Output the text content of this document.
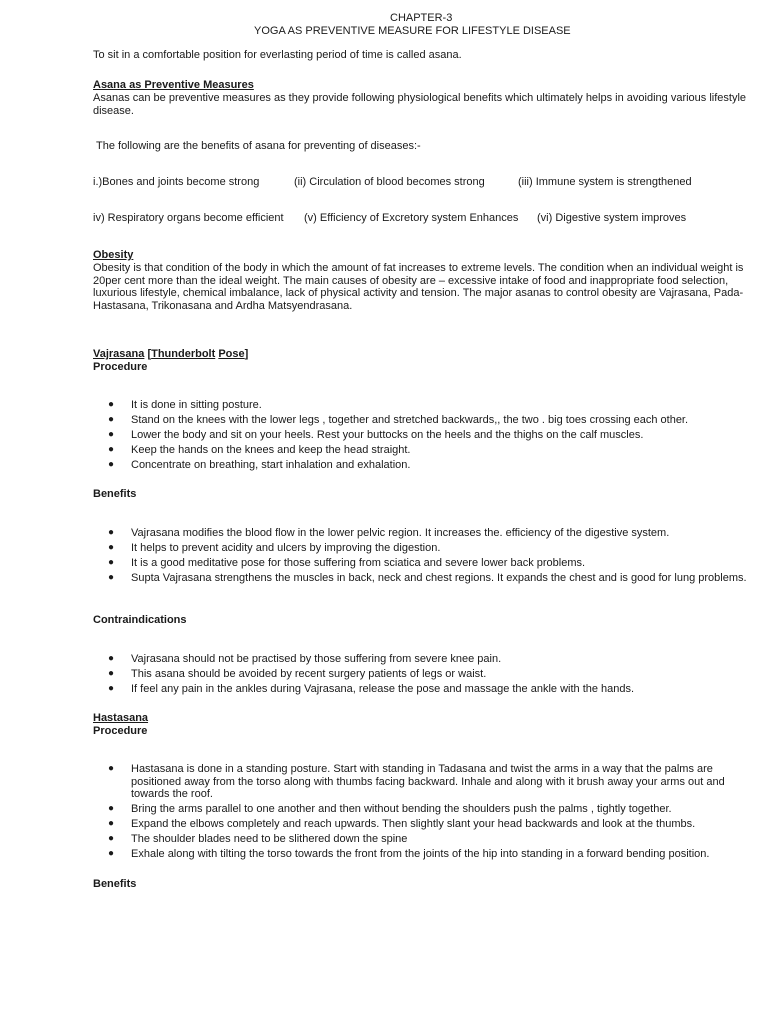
CHAPTER-3
YOGA AS PREVENTIVE MEASURE FOR LIFESTYLE DISEASE
To sit in a comfortable position for everlasting period of time is called asana.
Asana as Preventive Measures
Asanas can be preventive measures as they provide following physiological benefits which ultimately helps in avoiding various lifestyle disease.
The following are the benefits of asana for preventing of diseases:-
i.)Bones and joints become strong	(ii) Circulation of blood becomes strong	(iii) Immune system is strengthened
iv) Respiratory organs become efficient (v) Efficiency of Excretory system Enhances (vi) Digestive system improves
Obesity
Obesity is that condition of the body in which the amount of fat increases to extreme levels. The condition when an individual weight is 20per cent more than the ideal weight. The main causes of obesity are – excessive intake of food and inappropriate food selection, luxurious lifestyle, chemical imbalance, lack of physical activity and tension. The major asanas to control obesity are Vajrasana, Pada-Hastasana, Trikonasana and Ardha Matsyendrasana.
Vajrasana [Thunderbolt Pose]
Procedure
● It is done in sitting posture.
● Stand on the knees with the lower legs , together and stretched backwards,, the two . big toes crossing each other.
● Lower the body and sit on your heels. Rest your buttocks on the heels and the thighs on the calf muscles.
● Keep the hands on the knees and keep the head straight.
● Concentrate on breathing, start inhalation and exhalation.
Benefits
● Vajrasana modifies the blood flow in the lower pelvic region. It increases the. efficiency of the digestive system.
● It helps to prevent acidity and ulcers by improving the digestion.
● It is a good meditative pose for those suffering from sciatica and severe lower back problems.
● Supta Vajrasana strengthens the muscles in back, neck and chest regions. It expands the chest and is good for lung problems.
Contraindications
● Vajrasana should not be practised by those suffering from severe knee pain.
● This asana should be avoided by recent surgery patients of legs or waist.
● If feel any pain in the ankles during Vajrasana, release the pose and massage the ankle with the hands.
Hastasana
Procedure
● Hastasana is done in a standing posture. Start with standing in Tadasana and twist the arms in a way that the palms are positioned away from the torso along with thumbs facing backward. Inhale and along with it brush away your arms out and towards the roof.
● Bring the arms parallel to one another and then without bending the shoulders push the palms , tightly together.
● Expand the elbows completely and reach upwards. Then slightly slant your head backwards and look at the thumbs.
● The shoulder blades need to be slithered down the spine
● Exhale along with tilting the torso towards the front from the joints of the hip into standing in a forward bending position.
Benefits
